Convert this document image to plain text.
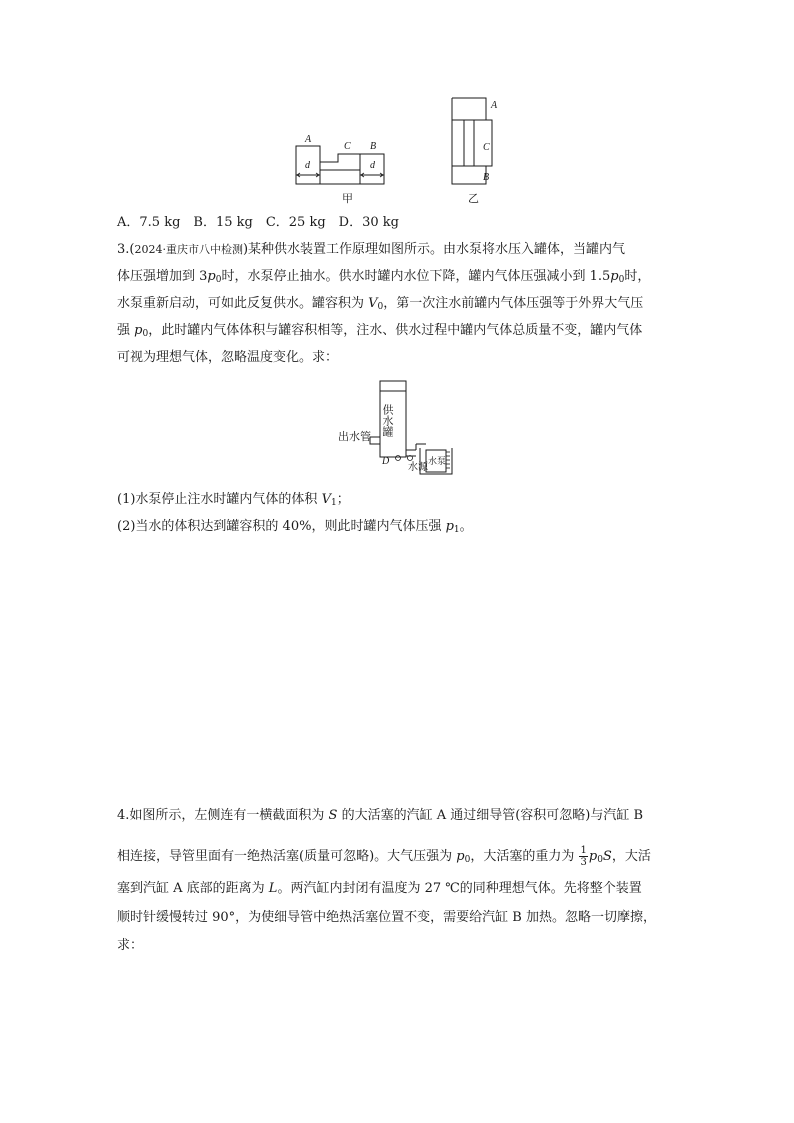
A
C B
d	d
甲
A
C
B
乙
A．7.5 kg　B．15 kg　C．25 kg　D．30 kg
3.(2024·重庆市八中检测)某种供水装置工作原理如图所示。由水泵将水压入罐体，当罐内气
体压强增加到 $3p_0$时，水泵停止抽水。供水时罐内水位下降，罐内气体压强减小到 $1.5p_0$时，
水泵重新启动，可如此反复供水。罐容积为 $V_0$，第一次注水前罐内气体压强等于外界大气压
强 $p_0$，此时罐内气体体积与罐容积相等，注水、供水过程中罐内气体总质量不变，罐内气体
可视为理想气体，忽略温度变化。求：
供水罐
出水管
D
水源
水泵
(1)水泵停止注水时罐内气体的体积 $V_1$；
(2)当水的体积达到罐容积的 40%，则此时罐内气体压强 $p_1$。
4.如图所示，左侧连有一横截面积为 S 的大活塞的汽缸 A 通过细导管(容积可忽略)与汽缸 B
相连接，导管里面有一绝热活塞(质量可忽略)。大气压强为 $p_0$，大活塞的重力为 $\frac{1}{3} p_0S$，大活
塞到汽缸 A 底部的距离为 L。两汽缸内封闭有温度为 27 ℃的同种理想气体。先将整个装置
顺时针缓慢转过 90°，为使细导管中绝热活塞位置不变，需要给汽缸 B 加热。忽略一切摩擦，
求：
